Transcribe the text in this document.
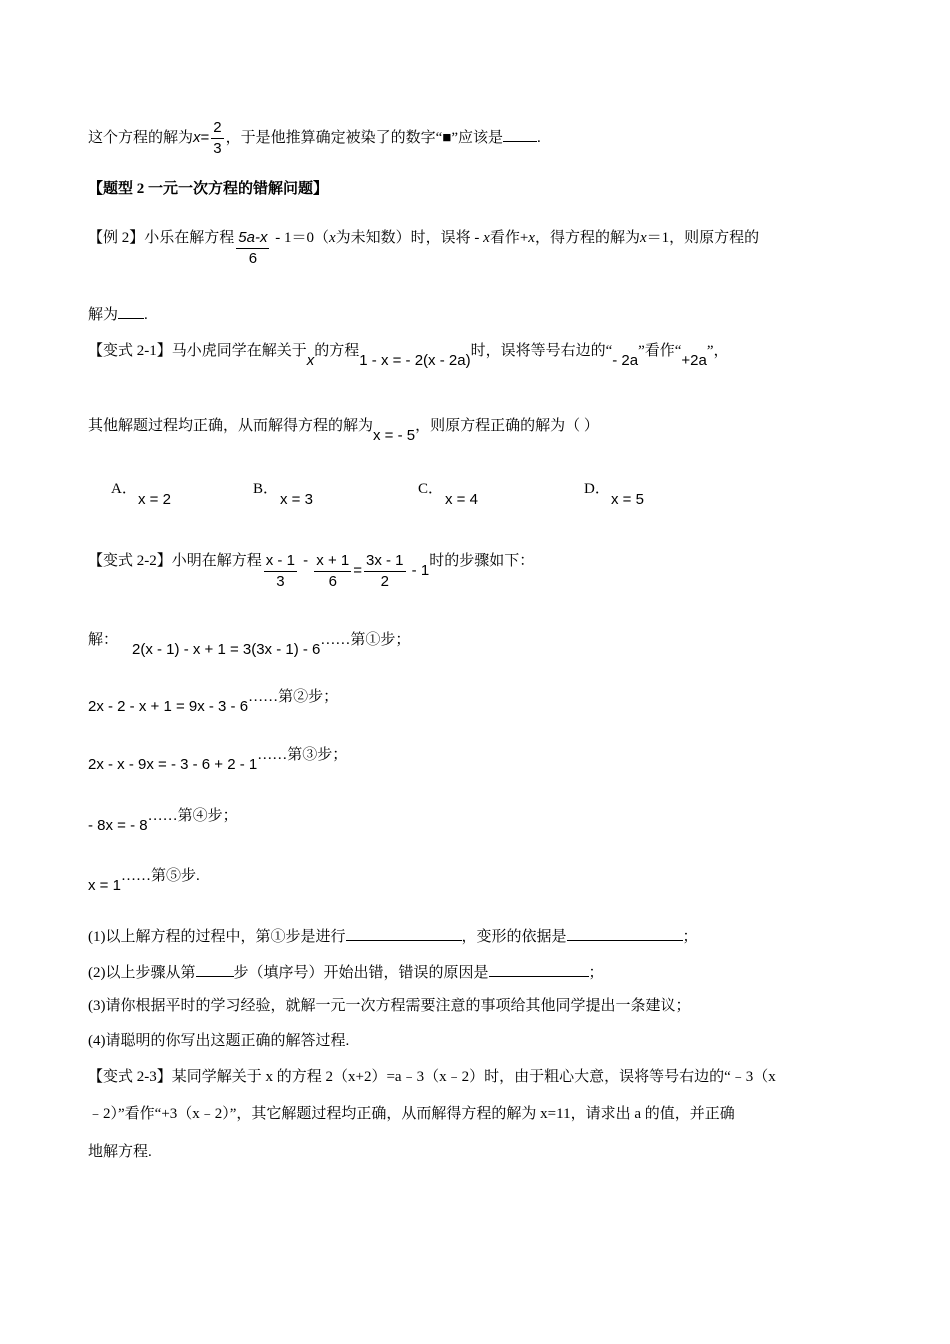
这个方程的解为$x= \frac{2}{3}$ ，于是他推算确定被染了的数字“■”应该是 .
【题型 2 一元一次方程的错解问题】
【例 2】小乐在解方程 $\frac{5a-x}{6} - 1=0(x$为未知数）时，误将 - x看作+x，得方程的解为x＝1，则原方程的
解为 .
【变式 2-1】马小虎同学在解关于x的方程1 - x = - 2(x - 2a)时，误将等号右边的“- 2a”看作“+2a”，
其他解题过程均正确，从而解得方程的解为x = - 5，则原方程正确的解为（ ）
A．
x = 2
B．
x = 3
C．
x = 4
D．
x = 5
【变式 2-2】小明在解方程 $\frac{x - 1}{3} - \frac{x + 1}{6} = \frac{3x - 1}{2} - 1$时的步骤如下：
解：2(x - 1) - x + 1 = 3(3x - 1) - 6……第①步；
2x - 2 - x + 1 = 9x - 3 - 6……第②步；
2x - x - 9x = - 3 - 6 + 2 - 1……第③步；
- 8x = - 8……第④步；
x = 1……第⑤步.
(1)以上解方程的过程中，第①步是进行	，变形的依据是	；
(2)以上步骤从第	步（填序号）开始出错，错误的原因是	；
(3)请你根据平时的学习经验，就解一元一次方程需要注意的事项给其他同学提出一条建议；
(4)请聪明的你写出这题正确的解答过程.
【变式 2-3】某同学解关于 x 的方程 2（x+2）=a﹣3（x﹣2）时，由于粗心大意，误将等号右边的“﹣3（x
﹣2）”看作“+3（x﹣2）”，其它解题过程均正确，从而解得方程的解为 x=11，请求出 a 的值，并正确
地解方程.
